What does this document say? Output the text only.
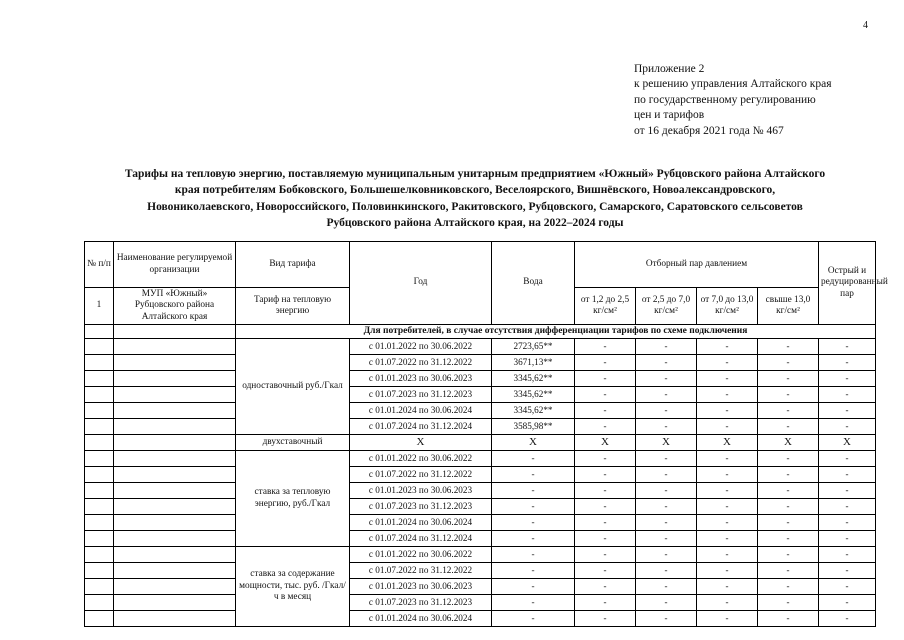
4
Приложение 2
к решению управления Алтайского края
по государственному регулированию
цен и тарифов
от 16 декабря 2021 года № 467
Тарифы на тепловую энергию, поставляемую муниципальным унитарным предприятием «Южный» Рубцовского района Алтайского
края потребителям Бобковского, Большешелковниковского, Веселоярского, Вишнёвского, Новоалександровского,
Новониколаевского, Новороссийского, Половинкинского, Ракитовского, Рубцовского, Самарского, Саратовского сельсоветов
Рубцовского района Алтайского края, на 2022–2024 годы
№ п/п	Наименование регулируемой организации	Вид тарифа	Год	Вода	Отборный пар давлением				Острый и редуцированный пар
1	МУП «Южный» Рубцовского района Алтайского края	Тариф на тепловую энергию			от 1,2 до 2,5 кг/см²	от 2,5 до 7,0 кг/см²	от 7,0 до 13,0 кг/см²	свыше 13,0 кг/см²	
		Для потребителей, в случае отсутствия дифференциации тарифов по схеме подключения							
		одноставочный руб./Гкал	с 01.01.2022 по 30.06.2022	2723,65**	-	-	-	-	-
			с 01.07.2022 по 31.12.2022	3671,13**	-	-	-	-	-
			с 01.01.2023 по 30.06.2023	3345,62**	-	-	-	-	-
			с 01.07.2023 по 31.12.2023	3345,62**	-	-	-	-	-
			с 01.01.2024 по 30.06.2024	3345,62**	-	-	-	-	-
			с 01.07.2024 по 31.12.2024	3585,98**	-	-	-	-	-
		двухставочный	X	X	X	X	X	X	X
		ставка за тепловую энергию, руб./Гкал	с 01.01.2022 по 30.06.2022	-	-	-	-	-	-
			с 01.07.2022 по 31.12.2022	-	-	-	-	-	-
			с 01.01.2023 по 30.06.2023	-	-	-	-	-	-
			с 01.07.2023 по 31.12.2023	-	-	-	-	-	-
			с 01.01.2024 по 30.06.2024	-	-	-	-	-	-
			с 01.07.2024 по 31.12.2024	-	-	-	-	-	-
		ставка за содержание мощности, тыс. руб. /Гкал/ч в месяц	с 01.01.2022 по 30.06.2022	-	-	-	-	-	-
			с 01.07.2022 по 31.12.2022	-	-	-	-	-	-
			с 01.01.2023 по 30.06.2023	-	-	-	-	-	-
			с 01.07.2023 по 31.12.2023	-	-	-	-	-	-
			с 01.01.2024 по 30.06.2024	-	-	-	-	-	-
